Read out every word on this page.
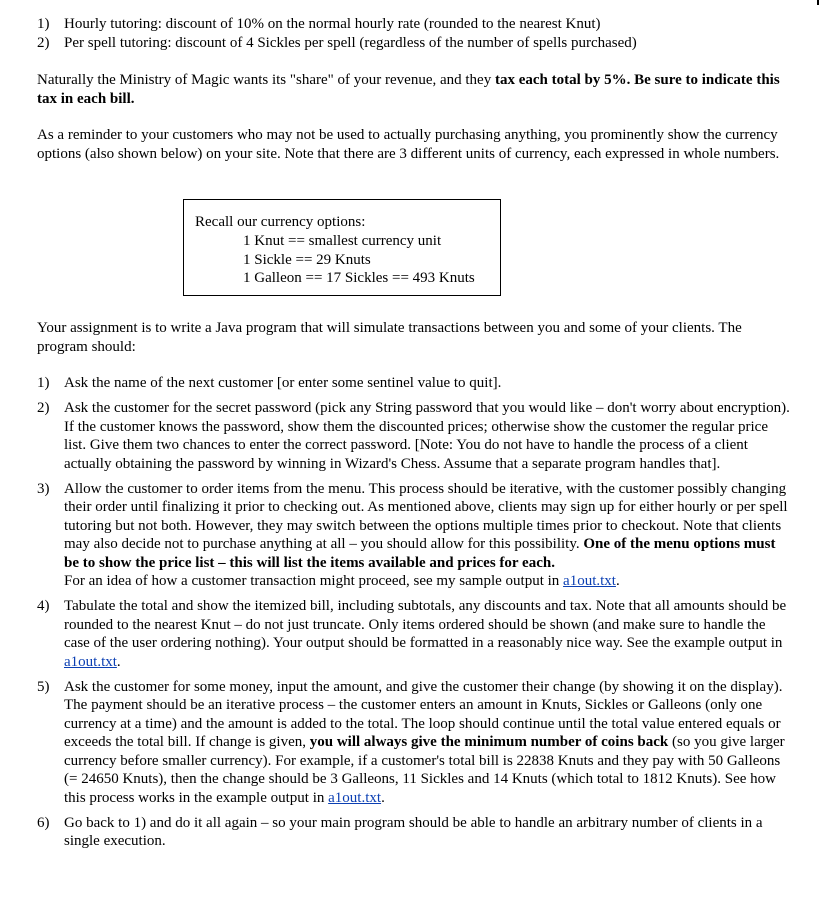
1) Hourly tutoring: discount of 10% on the normal hourly rate (rounded to the nearest Knut)
2) Per spell tutoring: discount of 4 Sickles per spell (regardless of the number of spells purchased)
Naturally the Ministry of Magic wants its "share" of your revenue, and they tax each total by 5%. Be sure to indicate this tax in each bill.
As a reminder to your customers who may not be used to actually purchasing anything, you prominently show the currency options (also shown below) on your site. Note that there are 3 different units of currency, each expressed in whole numbers.
Recall our currency options:
1 Knut == smallest currency unit
1 Sickle == 29 Knuts
1 Galleon == 17 Sickles == 493 Knuts
Your assignment is to write a Java program that will simulate transactions between you and some of your clients. The program should:
1) Ask the name of the next customer [or enter some sentinel value to quit].
2) Ask the customer for the secret password (pick any String password that you would like – don't worry about encryption). If the customer knows the password, show them the discounted prices; otherwise show the customer the regular price list. Give them two chances to enter the correct password. [Note: You do not have to handle the process of a client actually obtaining the password by winning in Wizard's Chess. Assume that a separate program handles that].
3) Allow the customer to order items from the menu. This process should be iterative, with the customer possibly changing their order until finalizing it prior to checking out. As mentioned above, clients may sign up for either hourly or per spell tutoring but not both. However, they may switch between the options multiple times prior to checkout. Note that clients may also decide not to purchase anything at all – you should allow for this possibility. One of the menu options must be to show the price list – this will list the items available and prices for each.
For an idea of how a customer transaction might proceed, see my sample output in a1out.txt.
4) Tabulate the total and show the itemized bill, including subtotals, any discounts and tax. Note that all amounts should be rounded to the nearest Knut – do not just truncate. Only items ordered should be shown (and make sure to handle the case of the user ordering nothing). Your output should be formatted in a reasonably nice way. See the example output in a1out.txt.
5) Ask the customer for some money, input the amount, and give the customer their change (by showing it on the display). The payment should be an iterative process – the customer enters an amount in Knuts, Sickles or Galleons (only one currency at a time) and the amount is added to the total. The loop should continue until the total value entered equals or exceeds the total bill. If change is given, you will always give the minimum number of coins back (so you give larger currency before smaller currency). For example, if a customer's total bill is 22838 Knuts and they pay with 50 Galleons (= 24650 Knuts), then the change should be 3 Galleons, 11 Sickles and 14 Knuts (which total to 1812 Knuts). See how this process works in the example output in a1out.txt.
6) Go back to 1) and do it all again – so your main program should be able to handle an arbitrary number of clients in a single execution.
